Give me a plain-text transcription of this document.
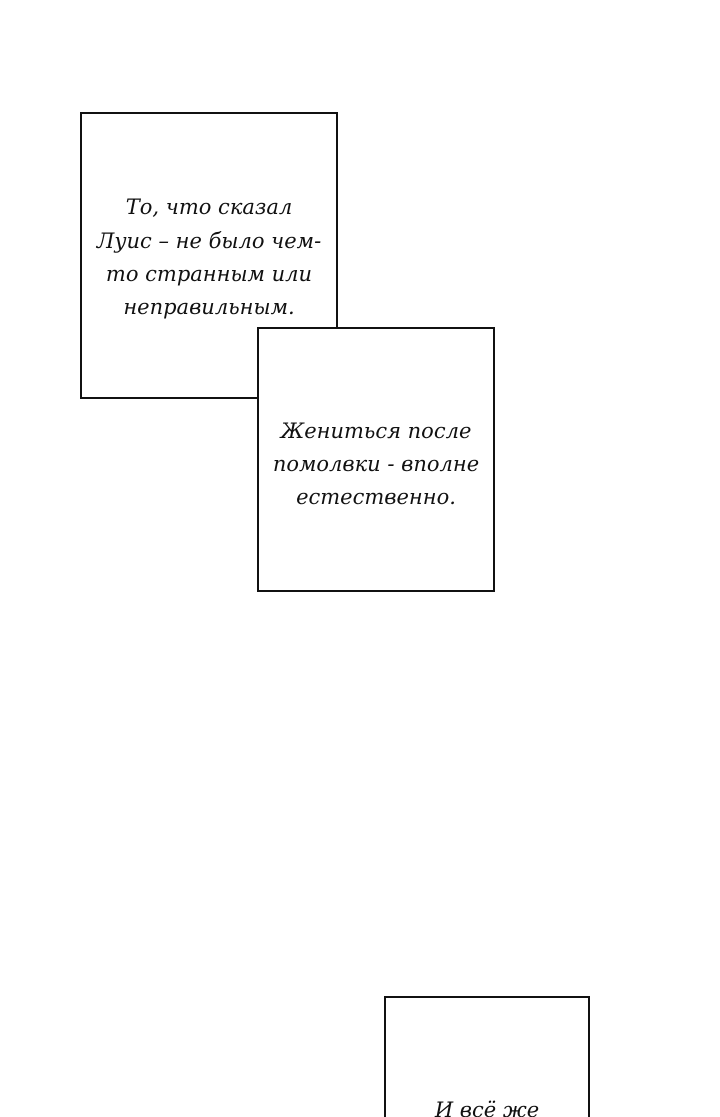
То, что сказал
Луис – не было чем-
то странным или
неправильным.
Жениться после
помолвки - вполне
естественно.
И всё же
